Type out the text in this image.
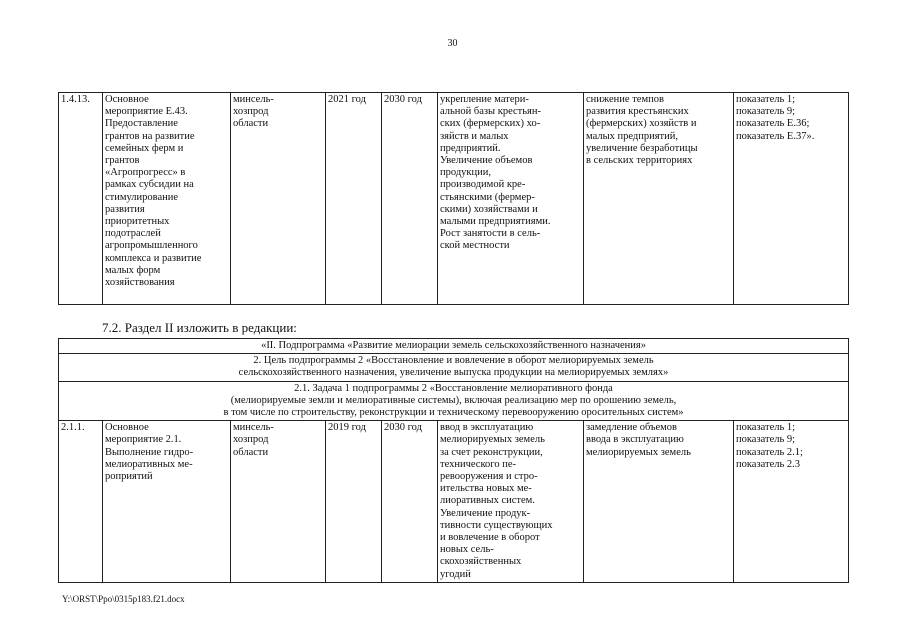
30
1.4.13.	Основное
мероприятие Е.43.
Предоставление
грантов на развитие
семейных ферм и
грантов
«Агропрогресс» в
рамках субсидии на
стимулирование
развития
приоритетных
подотраслей
агропромышленного
комплекса и развитие
малых форм
хозяйствования	минсель-
хозпрод
области	2021 год	2030 год	укрепление матери-
альной базы крестьян-
ских (фермерских) хо-
зяйств и малых
предприятий.
Увеличение объемов
продукции,
производимой кре-
стьянскими (фермер-
скими) хозяйствами и
малыми предприятиями.
Рост занятости в сель-
ской местности	снижение темпов
развития крестьянских
(фермерских) хозяйств и
малых предприятий,
увеличение безработицы
в сельских территориях	показатель 1;
показатель 9;
показатель Е.36;
показатель Е.37».
7.2. Раздел II изложить в редакции:
«II. Подпрограмма «Развитие мелиорации земель сельскохозяйственного назначения»
2. Цель подпрограммы 2 «Восстановление и вовлечение в оборот мелиорируемых земель
сельскохозяйственного назначения, увеличение выпуска продукции на мелиорируемых землях»
2.1. Задача 1 подпрограммы 2 «Восстановление мелиоративного фонда
(мелиорируемые земли и мелиоративные системы), включая реализацию мер по орошению земель,
в том числе по строительству, реконструкции и техническому перевооружению оросительных систем»
2.1.1.	Основное
мероприятие 2.1.
Выполнение гидро-
мелиоративных ме-
роприятий	минсель-
хозпрод
области	2019 год	2030 год	ввод в эксплуатацию
мелиорируемых земель
за счет реконструкции,
технического пе-
ревооружения и стро-
ительства новых ме-
лиоративных систем.
Увеличение продук-
тивности существующих
и вовлечение в оборот
новых сель-
скохозяйственных
угодий	замедление объемов
ввода в эксплуатацию
мелиорируемых земель	показатель 1;
показатель 9;
показатель 2.1;
показатель 2.3
Y:\ORST\Ppo\0315p183.f21.docx
